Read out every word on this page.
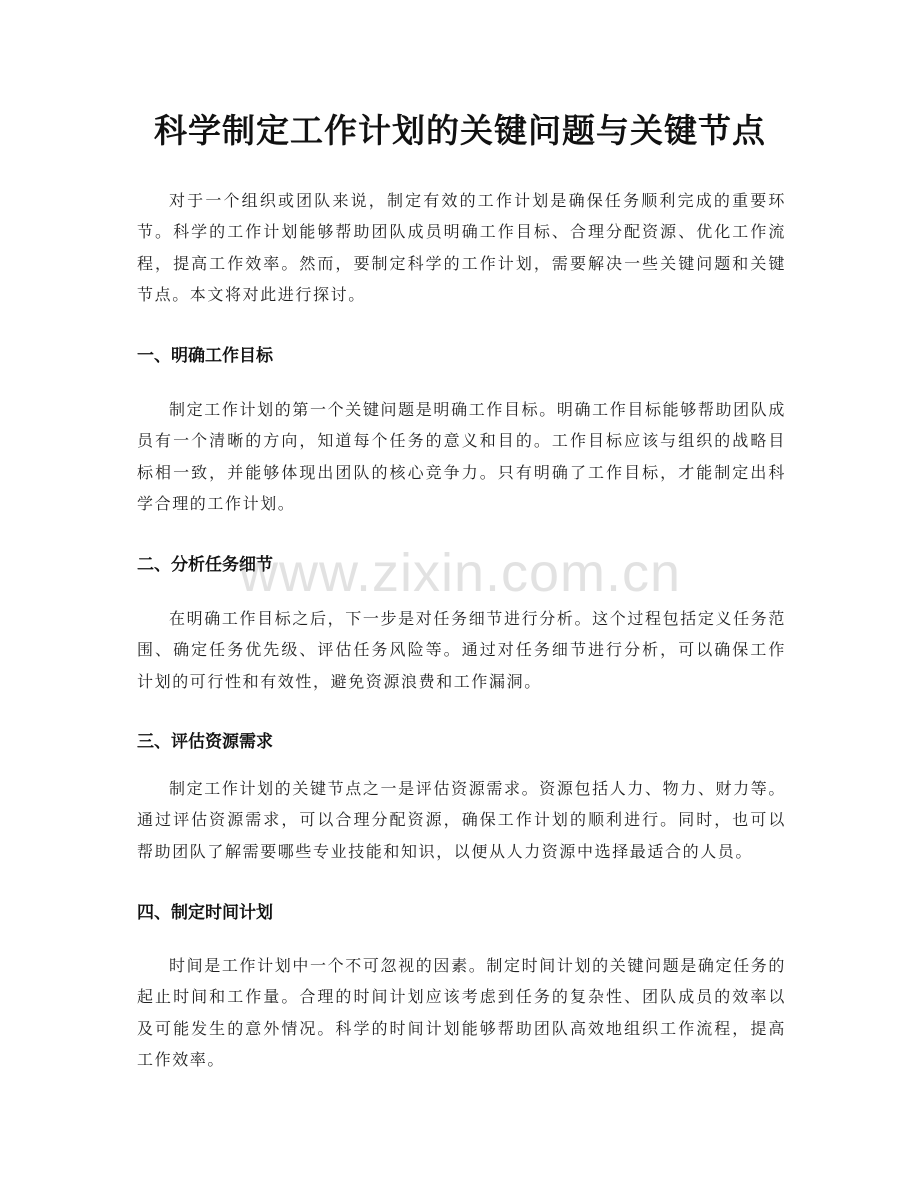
科学制定工作计划的关键问题与关键节点

对于一个组织或团队来说，制定有效的工作计划是确保任务顺利完成的重要环节。科学的工作计划能够帮助团队成员明确工作目标、合理分配资源、优化工作流程，提高工作效率。然而，要制定科学的工作计划，需要解决一些关键问题和关键节点。本文将对此进行探讨。

一、明确工作目标

制定工作计划的第一个关键问题是明确工作目标。明确工作目标能够帮助团队成员有一个清晰的方向，知道每个任务的意义和目的。工作目标应该与组织的战略目标相一致，并能够体现出团队的核心竞争力。只有明确了工作目标，才能制定出科学合理的工作计划。

二、分析任务细节

在明确工作目标之后，下一步是对任务细节进行分析。这个过程包括定义任务范围、确定任务优先级、评估任务风险等。通过对任务细节进行分析，可以确保工作计划的可行性和有效性，避免资源浪费和工作漏洞。

三、评估资源需求

制定工作计划的关键节点之一是评估资源需求。资源包括人力、物力、财力等。通过评估资源需求，可以合理分配资源，确保工作计划的顺利进行。同时，也可以帮助团队了解需要哪些专业技能和知识，以便从人力资源中选择最适合的人员。

四、制定时间计划

时间是工作计划中一个不可忽视的因素。制定时间计划的关键问题是确定任务的起止时间和工作量。合理的时间计划应该考虑到任务的复杂性、团队成员的效率以及可能发生的意外情况。科学的时间计划能够帮助团队高效地组织工作流程，提高工作效率。

www.zixin.com.cn
